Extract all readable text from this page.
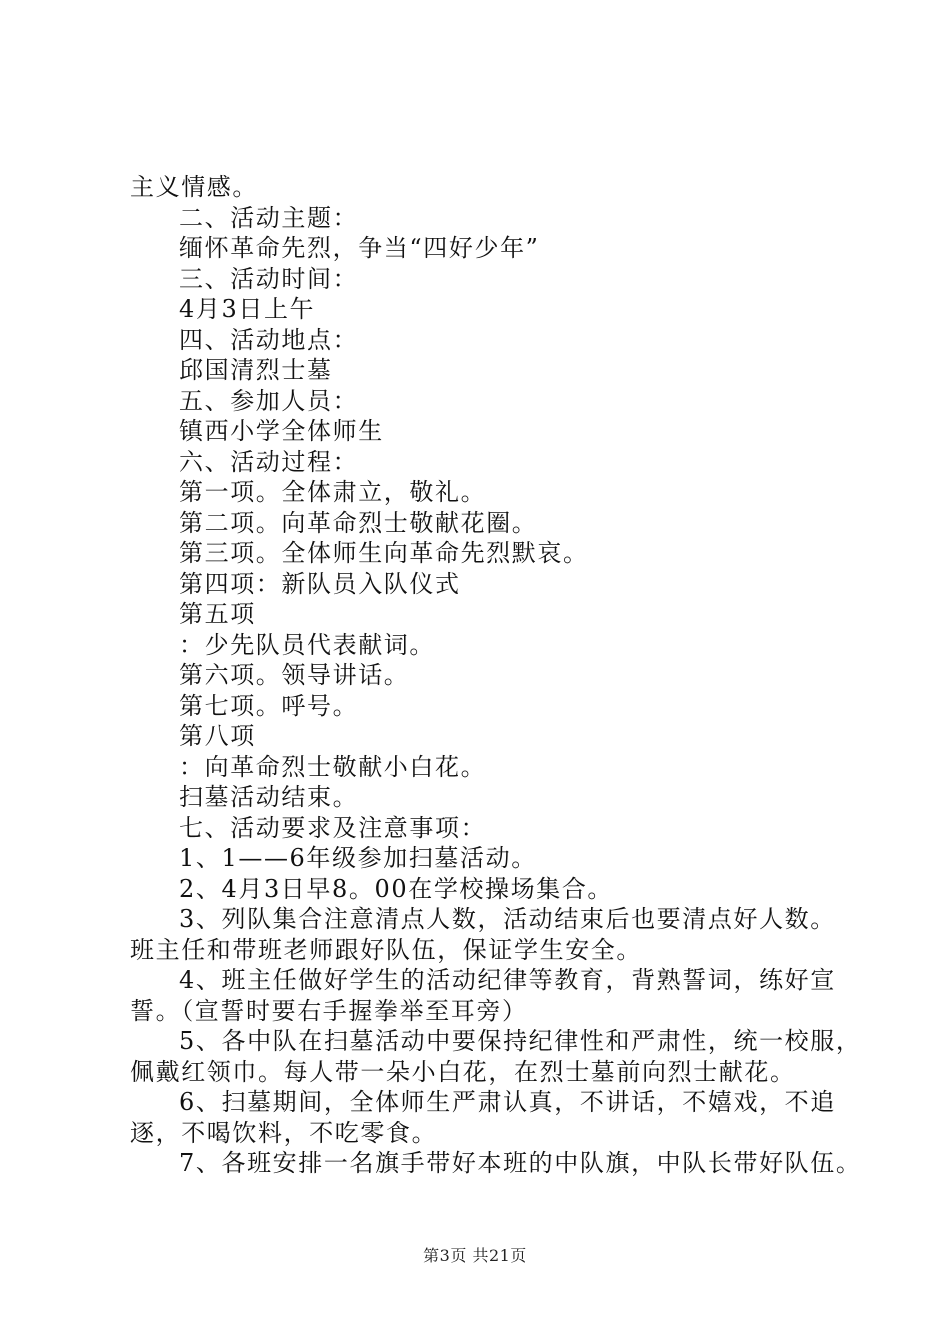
主义情感。
二、活动主题：
缅怀革命先烈，争当“四好少年”
三、活动时间：
4月3日上午
四、活动地点：
邱国清烈士墓
五、参加人员：
镇西小学全体师生
六、活动过程：
第一项。全体肃立，敬礼。
第二项。向革命烈士敬献花圈。
第三项。全体师生向革命先烈默哀。
第四项：新队员入队仪式
第五项
：少先队员代表献词。
第六项。领导讲话。
第七项。呼号。
第八项
：向革命烈士敬献小白花。
扫墓活动结束。
七、活动要求及注意事项：
1、1——6年级参加扫墓活动。
2、4月3日早8。00在学校操场集合。
3、列队集合注意清点人数，活动结束后也要清点好人数。
班主任和带班老师跟好队伍，保证学生安全。
4、班主任做好学生的活动纪律等教育，背熟誓词，练好宣
誓。（宣誓时要右手握拳举至耳旁）
5、各中队在扫墓活动中要保持纪律性和严肃性，统一校服，
佩戴红领巾。每人带一朵小白花，在烈士墓前向烈士献花。
6、扫墓期间，全体师生严肃认真，不讲话，不嬉戏，不追
逐，不喝饮料，不吃零食。
7、各班安排一名旗手带好本班的中队旗，中队长带好队伍。
第3页 共21页
